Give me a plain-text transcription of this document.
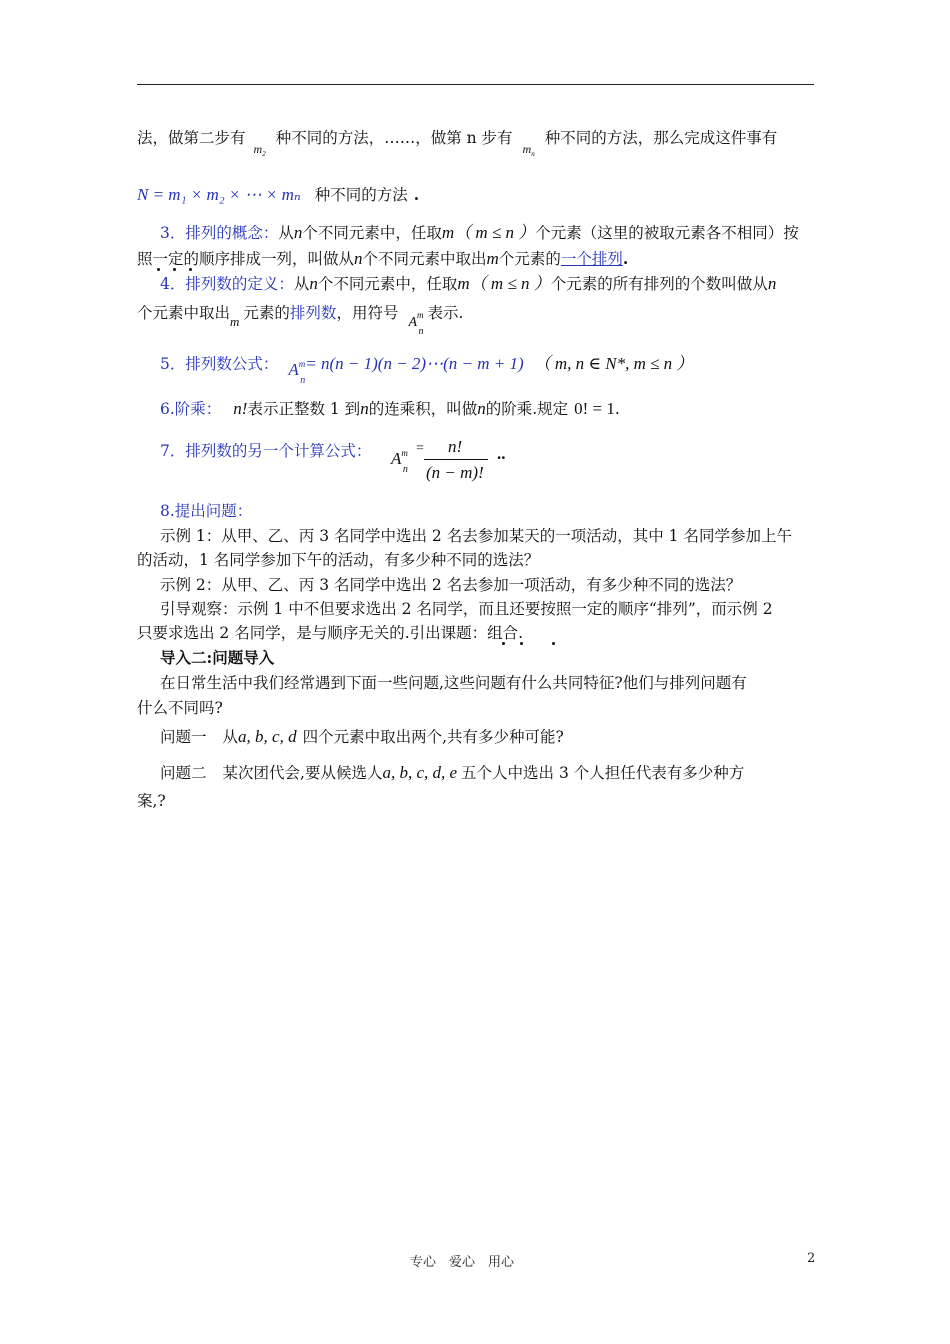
法，做第二步有$_{m_2}$种不同的方法，……，做第 n 步有$_{m_n}$种不同的方法，那么完成这件事有
N = m₁ × m₂ × ⋯ × mₙ 种不同的方法 .
3．排列的概念：从n个不同元素中，任取m（ m ≤ n ）个元素（这里的被取元素各不相同）按
照一定的顺序排成一列，叫做从n个不同元素中取出m个元素的一个排列.
4．排列数的定义：从n个不同元素中，任取m（ m ≤ n ）个元素的所有排列的个数叫做从n
个元素中取出$_m$ 元素的排列数，用符号$A^m_n$表示.
5．排列数公式： $A^m_n= n(n - 1)(n$ − 2)⋯(n − m + 1) （ m, n ∈ N*, m ≤ n ）
6.阶乘： n!表示正整数 1 到n的连乘积，叫做n的阶乘.规定 0! = 1.
7．排列数的另一个计算公式： $A^m_n$
= n!
(n − m)!
..
8.提出问题：
示例 1：从甲、乙、丙 3 名同学中选出 2 名去参加某天的一项活动，其中 1 名同学参加上午
的活动，1 名同学参加下午的活动，有多少种不同的选法？
示例 2：从甲、乙、丙 3 名同学中选出 2 名去参加一项活动，有多少种不同的选法？
引导观察：示例 1 中不但要求选出 2 名同学，而且还要按照一定的顺序“排列”，而示例 2
只要求选出 2 名同学，是与顺序无关的.引出课题：组合.
导入二:问题导入
在日常生活中我们经常遇到下面一些问题,这些问题有什么共同特征?他们与排列问题有
什么不同吗?
问题一 从a, b, c, d 四个元素中取出两个,共有多少种可能?
问题二 某次团代会,要从候选人a, b, c, d, e 五个人中选出 3 个人担任代表有多少种方
案,?
专心　爱心　用心	2
